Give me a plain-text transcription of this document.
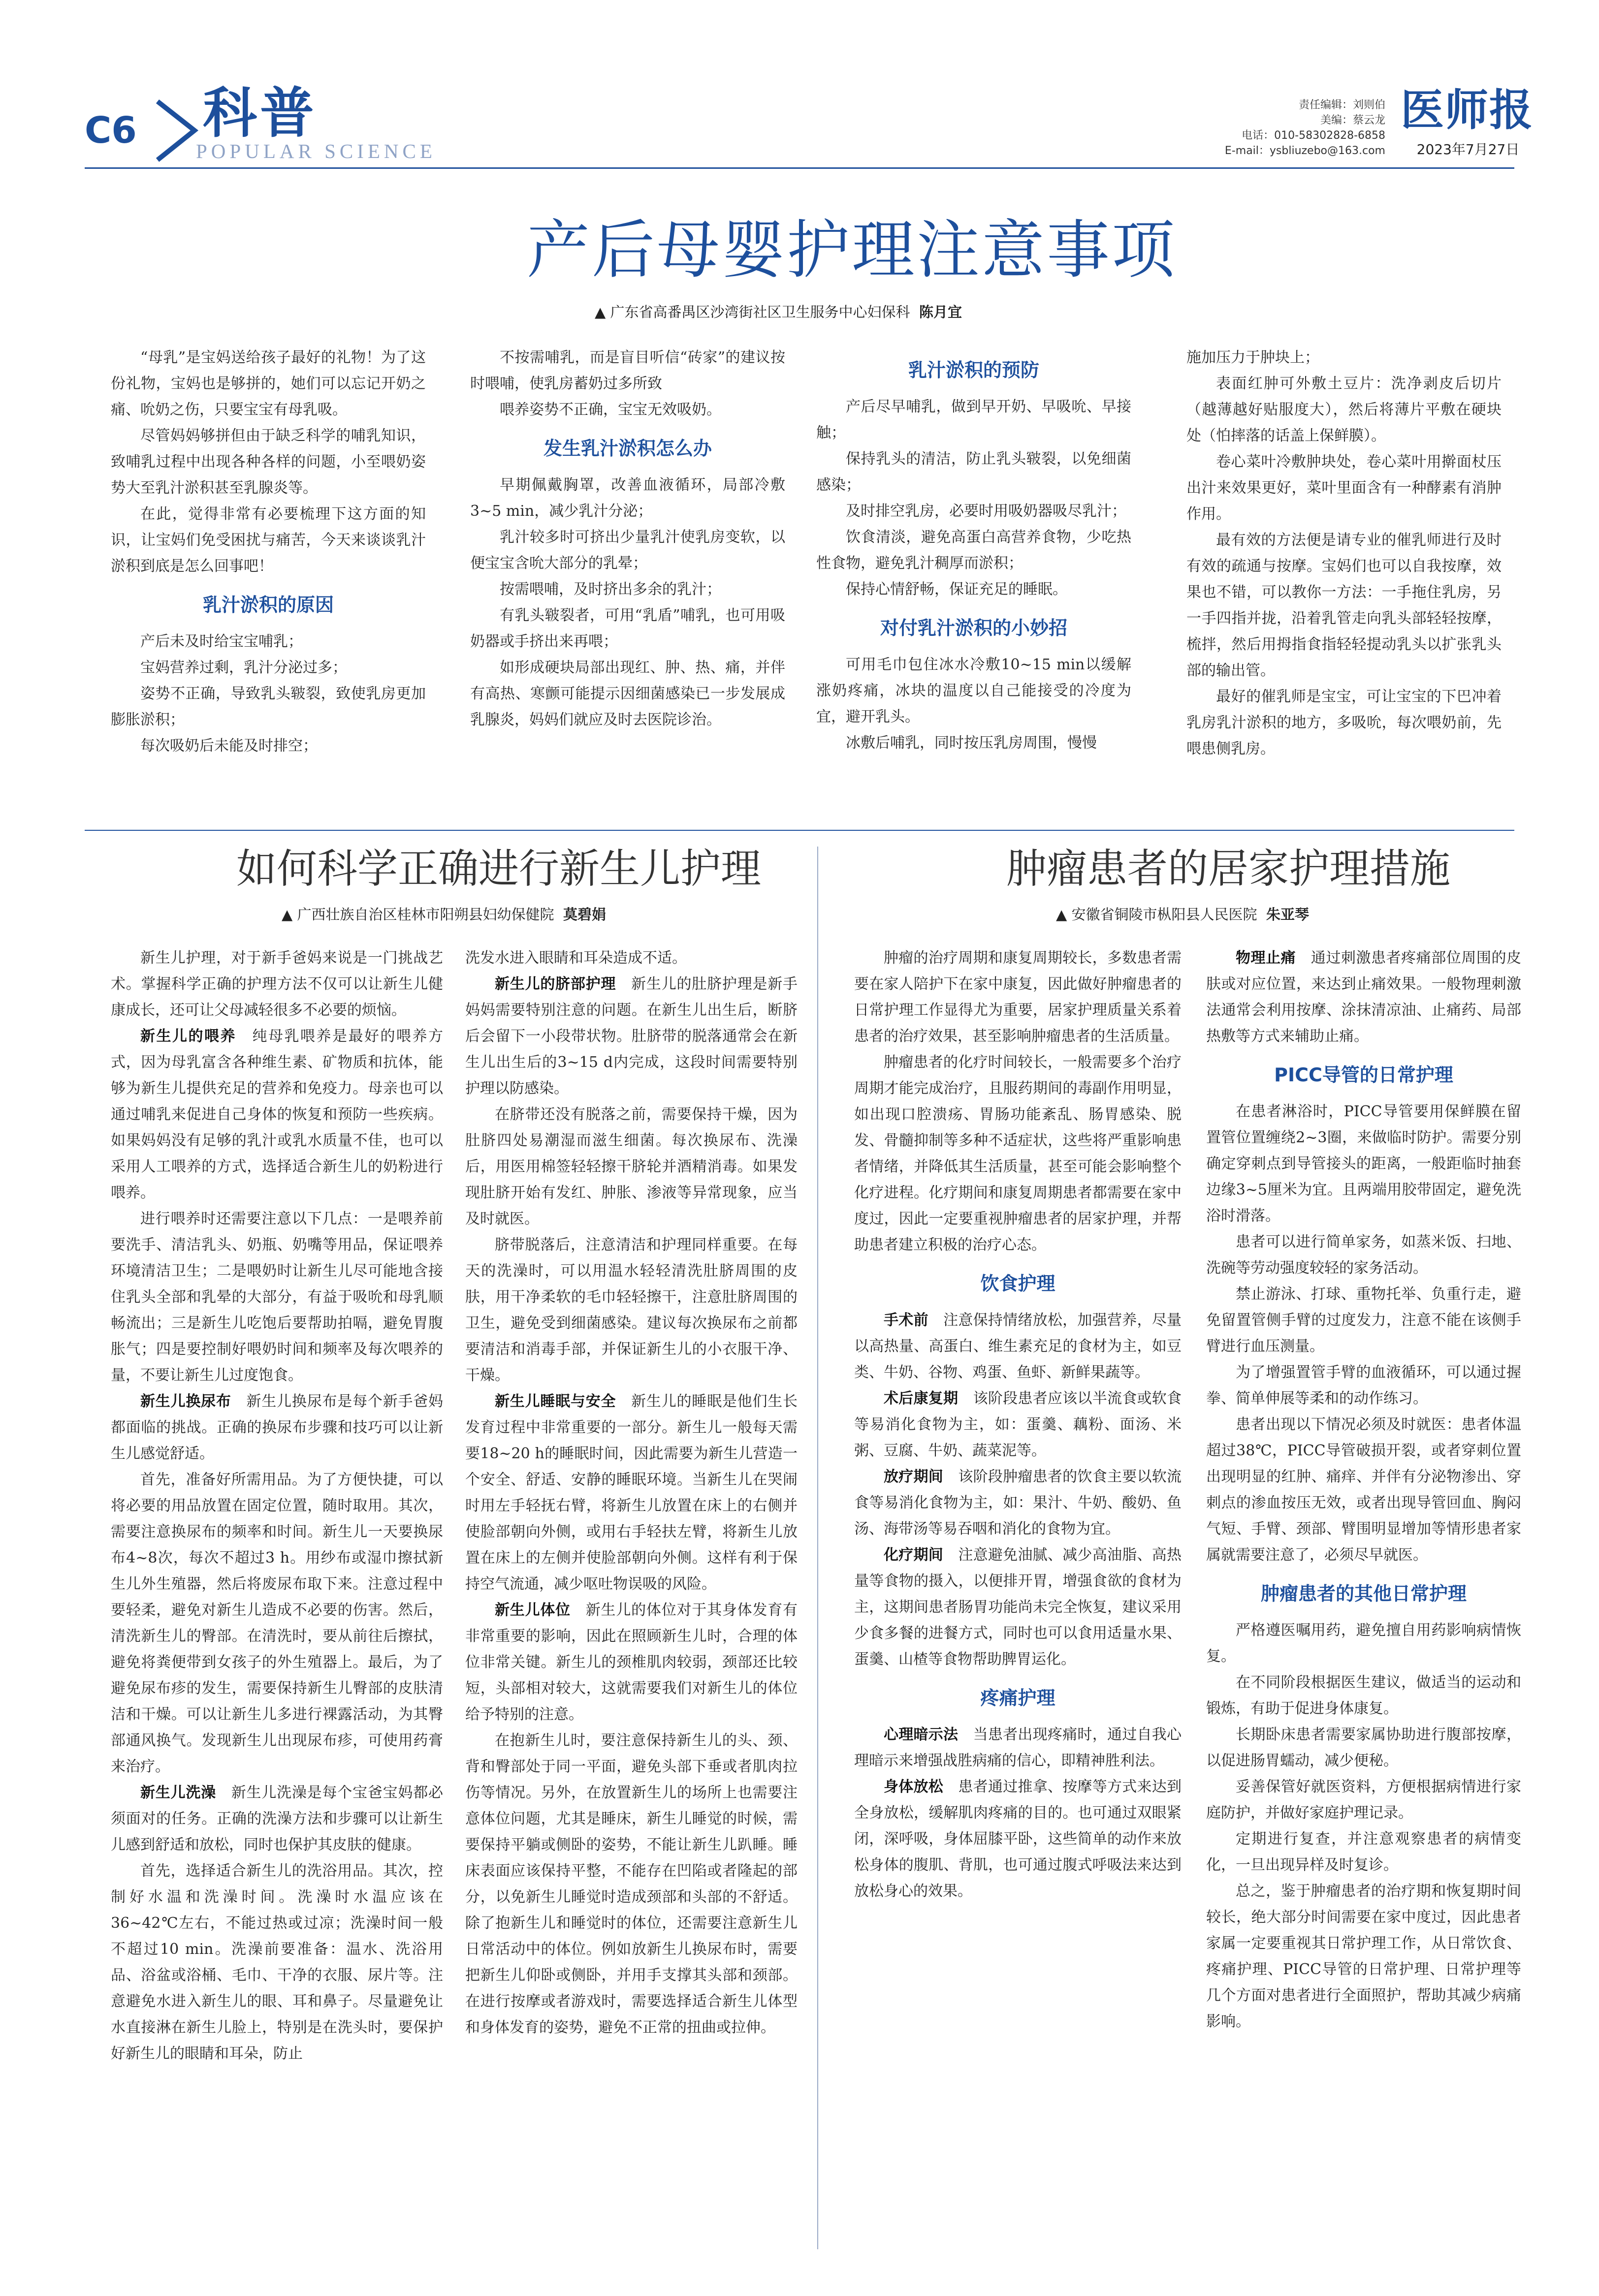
C6 科普
POPULAR SCIENCE
责任编辑：刘则伯
美编：蔡云龙
电话：010-58302828-6858
E-mail：ysbliuzebo@163.com
医师报
2023年7月27日
产后母婴护理注意事项
▲ 广东省高番禺区沙湾街社区卫生服务中心妇保科 陈月宜

“母乳”是宝妈送给孩子最好的礼物！为了这份礼物，宝妈也是够拼的，她们可以忘记开奶之痛、吮奶之伤，只要宝宝有母乳吸。

尽管妈妈够拼但由于缺乏科学的哺乳知识，致哺乳过程中出现各种各样的问题，小至喂奶姿势大至乳汁淤积甚至乳腺炎等。

在此，觉得非常有必要梳理下这方面的知识，让宝妈们免受困扰与痛苦，今天来谈谈乳汁淤积到底是怎么回事吧！

乳汁淤积的原因

产后未及时给宝宝哺乳；

宝妈营养过剩，乳汁分泌过多；

姿势不正确，导致乳头皲裂，致使乳房更加膨胀淤积；

每次吸奶后未能及时排空；

不按需哺乳，而是盲目听信“砖家”的建议按时喂哺，使乳房蓄奶过多所致

喂养姿势不正确，宝宝无效吸奶。

发生乳汁淤积怎么办

早期佩戴胸罩，改善血液循环，局部冷敷3~5 min，减少乳汁分泌；

乳汁较多时可挤出少量乳汁使乳房变软，以便宝宝含吮大部分的乳晕；

按需喂哺，及时挤出多余的乳汁；

有乳头皲裂者，可用“乳盾”哺乳，也可用吸奶器或手挤出来再喂；

如形成硬块局部出现红、肿、热、痛，并伴有高热、寒颤可能提示因细菌感染已一步发展成乳腺炎，妈妈们就应及时去医院诊治。

乳汁淤积的预防

产后尽早哺乳，做到早开奶、早吸吮、早接触；

保持乳头的清洁，防止乳头皲裂，以免细菌感染；

及时排空乳房，必要时用吸奶器吸尽乳汁；

饮食清淡，避免高蛋白高营养食物，少吃热性食物，避免乳汁稠厚而淤积；

保持心情舒畅，保证充足的睡眠。

对付乳汁淤积的小妙招

可用毛巾包住冰水冷敷10~15 min以缓解涨奶疼痛，冰块的温度以自己能接受的冷度为宜，避开乳头。

冰敷后哺乳，同时按压乳房周围，慢慢

施加压力于肿块上；

表面红肿可外敷土豆片：洗净剥皮后切片（越薄越好贴服度大），然后将薄片平敷在硬块处（怕摔落的话盖上保鲜膜）。

卷心菜叶冷敷肿块处，卷心菜叶用擀面杖压出汁来效果更好，菜叶里面含有一种酵素有消肿作用。

最有效的方法便是请专业的催乳师进行及时有效的疏通与按摩。宝妈们也可以自我按摩，效果也不错，可以教你一方法：一手拖住乳房，另一手四指并拢，沿着乳管走向乳头部轻轻按摩，梳拌，然后用拇指食指轻轻提动乳头以扩张乳头部的输出管。

最好的催乳师是宝宝，可让宝宝的下巴冲着乳房乳汁淤积的地方，多吸吮，每次喂奶前，先喂患侧乳房。

如何科学正确进行新生儿护理
▲ 广西壮族自治区桂林市阳朔县妇幼保健院 莫碧娟

新生儿护理，对于新手爸妈来说是一门挑战艺术。掌握科学正确的护理方法不仅可以让新生儿健康成长，还可让父母减轻很多不必要的烦恼。

新生儿的喂养　 纯母乳喂养是最好的喂养方式，因为母乳富含各种维生素、矿物质和抗体，能够为新生儿提供充足的营养和免疫力。母亲也可以通过哺乳来促进自己身体的恢复和预防一些疾病。如果妈妈没有足够的乳汁或乳水质量不佳，也可以采用人工喂养的方式，选择适合新生儿的奶粉进行喂养。

进行喂养时还需要注意以下几点：一是喂养前要洗手、清洁乳头、奶瓶、奶嘴等用品，保证喂养环境清洁卫生；二是喂奶时让新生儿尽可能地含接住乳头全部和乳晕的大部分，有益于吸吮和母乳顺畅流出；三是新生儿吃饱后要帮助拍嗝，避免胃腹胀气；四是要控制好喂奶时间和频率及每次喂养的量，不要让新生儿过度饱食。

新生儿换尿布　 新生儿换尿布是每个新手爸妈都面临的挑战。正确的换尿布步骤和技巧可以让新生儿感觉舒适。

首先，准备好所需用品。为了方便快捷，可以将必要的用品放置在固定位置，随时取用。其次，需要注意换尿布的频率和时间。新生儿一天要换尿布4~8次，每次不超过3 h。用纱布或湿巾擦拭新生儿外生殖器，然后将废尿布取下来。注意过程中要轻柔，避免对新生儿造成不必要的伤害。然后，清洗新生儿的臀部。在清洗时，要从前往后擦拭，避免将粪便带到女孩子的外生殖器上。最后，为了避免尿布疹的发生，需要保持新生儿臀部的皮肤清洁和干燥。可以让新生儿多进行裸露活动，为其臀部通风换气。发现新生儿出现尿布疹，可使用药膏来治疗。

新生儿洗澡　 新生儿洗澡是每个宝爸宝妈都必须面对的任务。正确的洗澡方法和步骤可以让新生儿感到舒适和放松，同时也保护其皮肤的健康。

首先，选择适合新生儿的洗浴用品。其次，控制好水温和洗澡时间。洗澡时水温应该在36~42℃左右，不能过热或过凉；洗澡时间一般不超过10 min。洗澡前要准备：温水、洗浴用品、浴盆或浴桶、毛巾、干净的衣服、尿片等。注意避免水进入新生儿的眼、耳和鼻子。尽量避免让水直接淋在新生儿脸上，特别是在洗头时，要保护好新生儿的眼睛和耳朵，防止

洗发水进入眼睛和耳朵造成不适。

新生儿的脐部护理　 新生儿的肚脐护理是新手妈妈需要特别注意的问题。在新生儿出生后，断脐后会留下一小段带状物。肚脐带的脱落通常会在新生儿出生后的3~15 d内完成，这段时间需要特别护理以防感染。

在脐带还没有脱落之前，需要保持干燥，因为肚脐四处易潮湿而滋生细菌。每次换尿布、洗澡后，用医用棉签轻轻擦干脐轮并酒精消毒。如果发现肚脐开始有发红、肿胀、渗液等异常现象，应当及时就医。

脐带脱落后，注意清洁和护理同样重要。在每天的洗澡时，可以用温水轻轻清洗肚脐周围的皮肤，用干净柔软的毛巾轻轻擦干，注意肚脐周围的卫生，避免受到细菌感染。建议每次换尿布之前都要清洁和消毒手部，并保证新生儿的小衣服干净、干燥。

新生儿睡眠与安全　 新生儿的睡眠是他们生长发育过程中非常重要的一部分。新生儿一般每天需要18~20 h的睡眠时间，因此需要为新生儿营造一个安全、舒适、安静的睡眠环境。当新生儿在哭闹时用左手轻抚右臂，将新生儿放置在床上的右侧并使脸部朝向外侧，或用右手轻扶左臂，将新生儿放置在床上的左侧并使脸部朝向外侧。这样有利于保持空气流通，减少呕吐物误吸的风险。

新生儿体位　 新生儿的体位对于其身体发育有非常重要的影响，因此在照顾新生儿时，合理的体位非常关键。新生儿的颈椎肌肉较弱，颈部还比较短，头部相对较大，这就需要我们对新生儿的体位给予特别的注意。

在抱新生儿时，要注意保持新生儿的头、颈、背和臀部处于同一平面，避免头部下垂或者肌肉拉伤等情况。另外，在放置新生儿的场所上也需要注意体位问题，尤其是睡床，新生儿睡觉的时候，需要保持平躺或侧卧的姿势，不能让新生儿趴睡。睡床表面应该保持平整，不能存在凹陷或者隆起的部分，以免新生儿睡觉时造成颈部和头部的不舒适。除了抱新生儿和睡觉时的体位，还需要注意新生儿日常活动中的体位。例如放新生儿换尿布时，需要把新生儿仰卧或侧卧，并用手支撑其头部和颈部。在进行按摩或者游戏时，需要选择适合新生儿体型和身体发育的姿势，避免不正常的扭曲或拉伸。

肿瘤患者的居家护理措施
▲ 安徽省铜陵市枞阳县人民医院 朱亚琴

肿瘤的治疗周期和康复周期较长，多数患者需要在家人陪护下在家中康复，因此做好肿瘤患者的日常护理工作显得尤为重要，居家护理质量关系着患者的治疗效果，甚至影响肿瘤患者的生活质量。

肿瘤患者的化疗时间较长，一般需要多个治疗周期才能完成治疗，且服药期间的毒副作用明显，如出现口腔溃疡、胃肠功能紊乱、肠胃感染、脱发、骨髓抑制等多种不适症状，这些将严重影响患者情绪，并降低其生活质量，甚至可能会影响整个化疗进程。化疗期间和康复周期患者都需要在家中度过，因此一定要重视肿瘤患者的居家护理，并帮助患者建立积极的治疗心态。

饮食护理

手术前　 注意保持情绪放松，加强营养，尽量以高热量、高蛋白、维生素充足的食材为主，如豆类、牛奶、谷物、鸡蛋、鱼虾、新鲜果蔬等。

术后康复期　 该阶段患者应该以半流食或软食等易消化食物为主，如：蛋羹、藕粉、面汤、米粥、豆腐、牛奶、蔬菜泥等。

放疗期间　 该阶段肿瘤患者的饮食主要以软流食等易消化食物为主，如：果汁、牛奶、酸奶、鱼汤、海带汤等易吞咽和消化的食物为宜。

化疗期间　 注意避免油腻、减少高油脂、高热量等食物的摄入，以便排开胃，增强食欲的食材为主，这期间患者肠胃功能尚未完全恢复，建议采用少食多餐的进餐方式，同时也可以食用适量水果、蛋羹、山楂等食物帮助脾胃运化。

疼痛护理

心理暗示法　 当患者出现疼痛时，通过自我心理暗示来增强战胜病痛的信心，即精神胜利法。

身体放松　 患者通过推拿、按摩等方式来达到全身放松，缓解肌肉疼痛的目的。也可通过双眼紧闭，深呼吸，身体屈膝平卧，这些简单的动作来放松身体的腹肌、背肌，也可通过腹式呼吸法来达到放松身心的效果。

物理止痛　 通过刺激患者疼痛部位周围的皮肤或对应位置，来达到止痛效果。一般物理刺激法通常会利用按摩、涂抹清凉油、止痛药、局部热敷等方式来辅助止痛。

PICC导管的日常护理

在患者淋浴时，PICC导管要用保鲜膜在留置管位置缠绕2~3圈，来做临时防护。需要分别确定穿刺点到导管接头的距离，一般距临时抽套边缘3~5厘米为宜。且两端用胶带固定，避免洗浴时滑落。

患者可以进行简单家务，如蒸米饭、扫地、洗碗等劳动强度较轻的家务活动。

禁止游泳、打球、重物托举、负重行走，避免留置管侧手臂的过度发力，注意不能在该侧手臂进行血压测量。

为了增强置管手臂的血液循环，可以通过握拳、简单伸展等柔和的动作练习。

患者出现以下情况必须及时就医：患者体温超过38℃，PICC导管破损开裂，或者穿刺位置出现明显的红肿、痛痒、并伴有分泌物渗出、穿刺点的渗血按压无效，或者出现导管回血、胸闷气短、手臂、颈部、臂围明显增加等情形患者家属就需要注意了，必须尽早就医。

肿瘤患者的其他日常护理

严格遵医嘱用药，避免擅自用药影响病情恢复。

在不同阶段根据医生建议，做适当的运动和锻炼，有助于促进身体康复。

长期卧床患者需要家属协助进行腹部按摩，以促进肠胃蠕动，减少便秘。

妥善保管好就医资料，方便根据病情进行家庭防护，并做好家庭护理记录。

定期进行复查，并注意观察患者的病情变化，一旦出现异样及时复诊。

总之，鉴于肿瘤患者的治疗期和恢复期时间较长，绝大部分时间需要在家中度过，因此患者家属一定要重视其日常护理工作，从日常饮食、疼痛护理、PICC导管的日常护理、日常护理等几个方面对患者进行全面照护，帮助其减少病痛影响。
